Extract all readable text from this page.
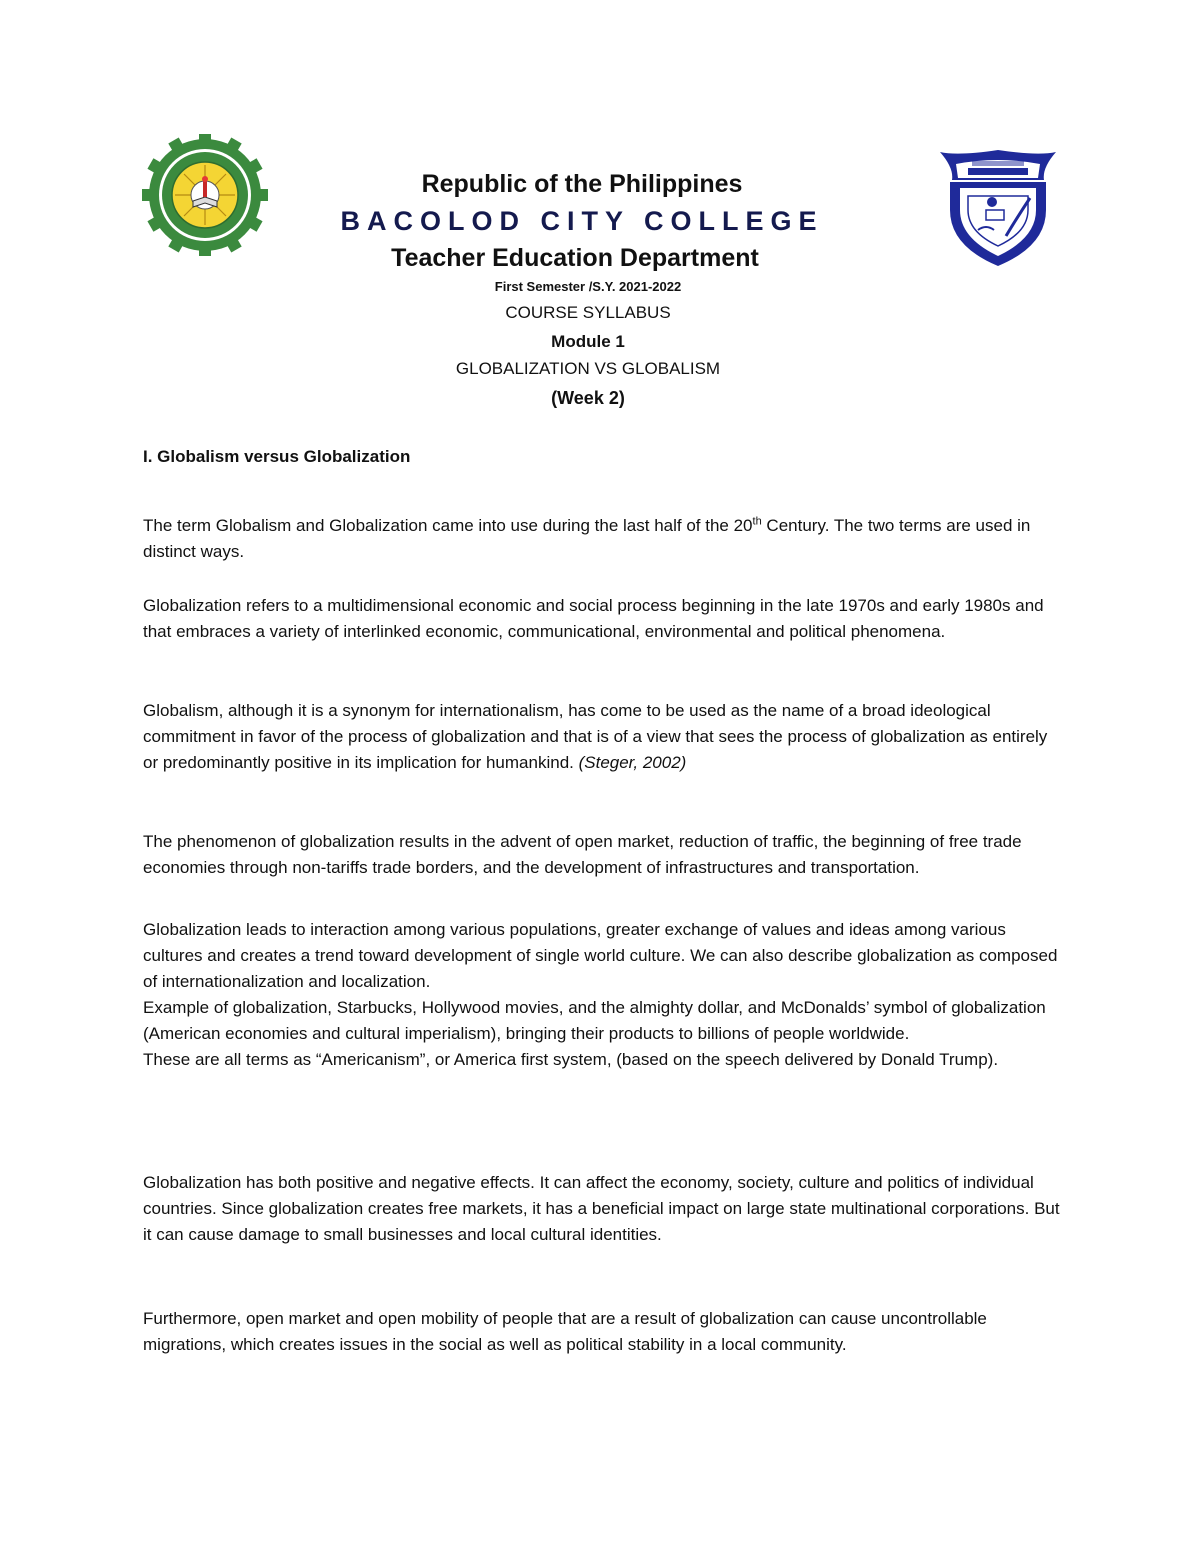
Republic of the Philippines
BACOLOD CITY COLLEGE
Teacher Education Department
First Semester /S.Y. 2021-2022
COURSE SYLLABUS
Module 1
GLOBALIZATION VS GLOBALISM
(Week 2)
I. Globalism versus Globalization

The term Globalism and Globalization came into use during the last half of the 20th Century. The two terms are used in distinct ways.

Globalization refers to a multidimensional economic and social process beginning in the late 1970s and early 1980s and that embraces a variety of interlinked economic, communicational, environmental and political phenomena.

Globalism, although it is a synonym for internationalism, has come to be used as the name of a broad ideological commitment in favor of the process of globalization and that is of a view that sees the process of globalization as entirely or predominantly positive in its implication for humankind. (Steger, 2002)

The phenomenon of globalization results in the advent of open market, reduction of traffic, the beginning of free trade economies through non-tariffs trade borders, and the development of infrastructures and transportation.

Globalization leads to interaction among various populations, greater exchange of values and ideas among various cultures and creates a trend toward development of single world culture. We can also describe globalization as composed of internationalization and localization.

Example of globalization, Starbucks, Hollywood movies, and the almighty dollar, and McDonalds’ symbol of globalization (American economies and cultural imperialism), bringing their products to billions of people worldwide.

These are all terms as “Americanism”, or America first system, (based on the speech delivered by Donald Trump).

Globalization has both positive and negative effects. It can affect the economy, society, culture and politics of individual countries. Since globalization creates free markets, it has a beneficial impact on large state multinational corporations. But it can cause damage to small businesses and local cultural identities.

Furthermore, open market and open mobility of people that are a result of globalization can cause uncontrollable migrations, which creates issues in the social as well as political stability in a local community.
